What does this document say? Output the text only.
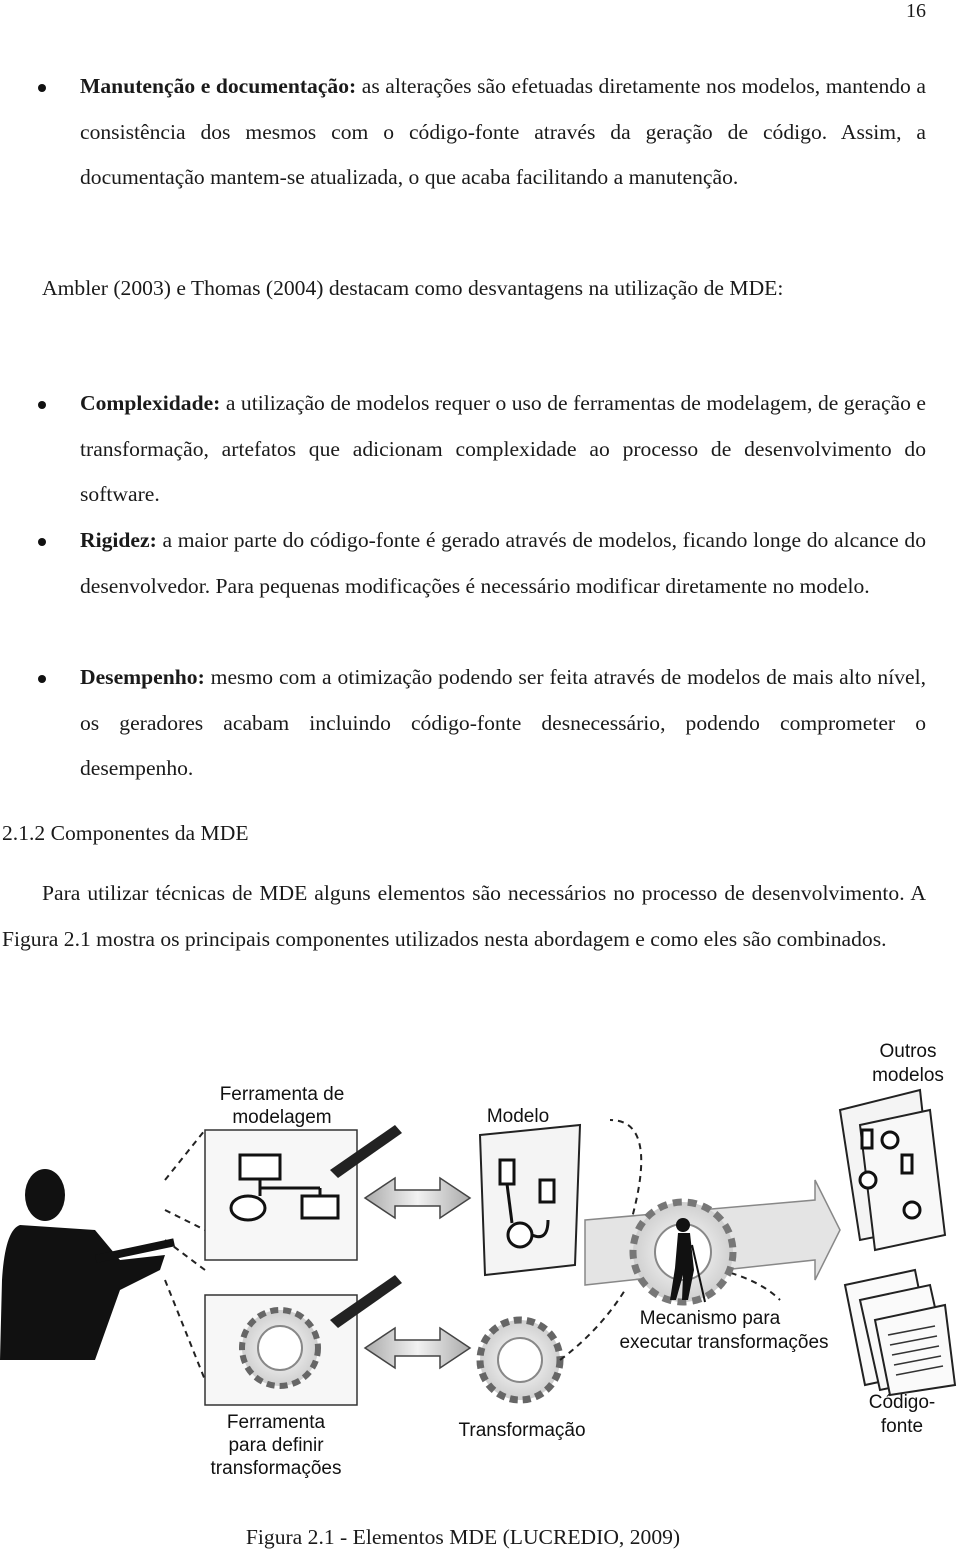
16
Manutenção e documentação: as alterações são efetuadas diretamente nos modelos, mantendo a consistência dos mesmos com o código-fonte através da geração de código. Assim, a documentação mantem-se atualizada, o que acaba facilitando a manutenção.
Ambler (2003) e Thomas (2004) destacam como desvantagens na utilização de MDE:
Complexidade: a utilização de modelos requer o uso de ferramentas de modelagem, de geração e transformação, artefatos que adicionam complexidade ao processo de desenvolvimento do software.
Rigidez: a maior parte do código-fonte é gerado através de modelos, ficando longe do alcance do desenvolvedor. Para pequenas modificações é necessário modificar diretamente no modelo.
Desempenho: mesmo com a otimização podendo ser feita através de modelos de mais alto nível, os geradores acabam incluindo código-fonte desnecessário, podendo comprometer o desempenho.
2.1.2 Componentes da MDE
Para utilizar técnicas de MDE alguns elementos são necessários no processo de desenvolvimento. A Figura 2.1 mostra os principais componentes utilizados nesta abordagem e como eles são combinados.
Ferramenta de
modelagem
Ferramenta
para definir
transformações
Modelo
Transformação
Mecanismo para
executar transformações
Outros
modelos
Código-
fonte
Figura 2.1 - Elementos MDE (LUCREDIO, 2009)
